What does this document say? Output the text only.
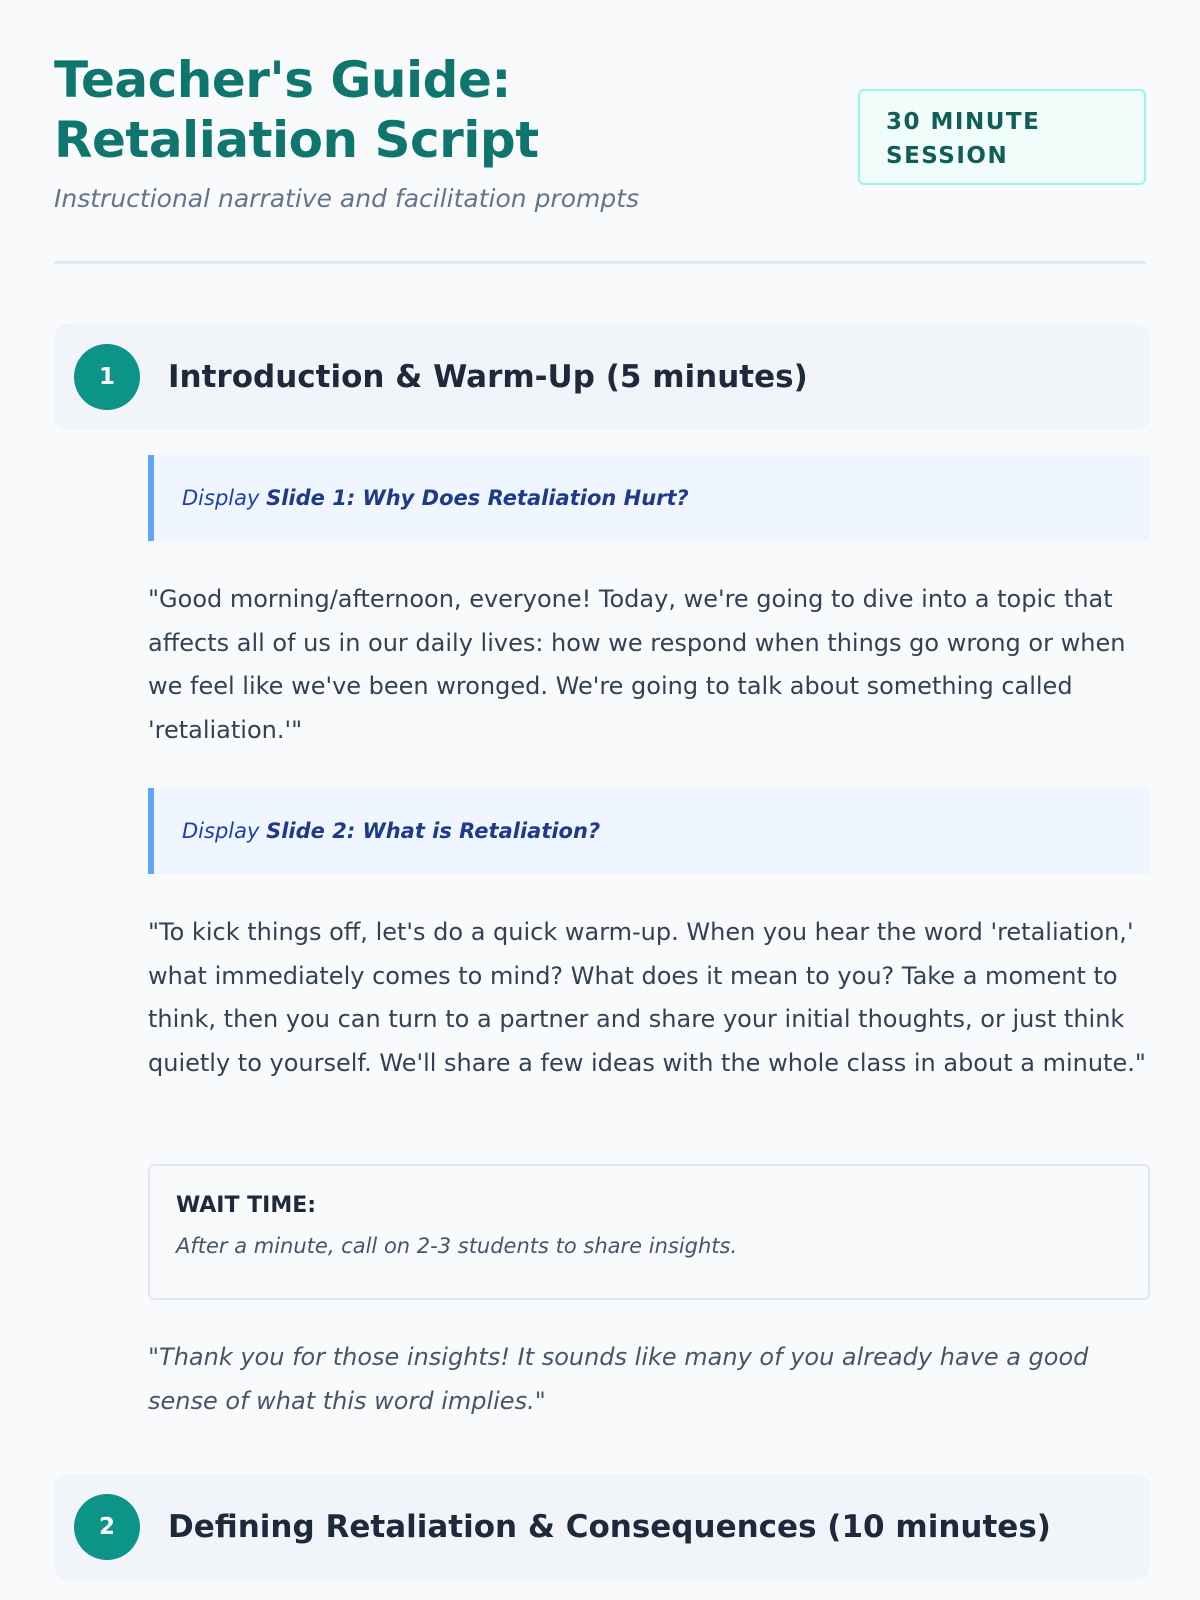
Teacher's Guide: Retaliation Script

Instructional narrative and facilitation prompts

30 MINUTE SESSION
1	Introduction & Warm-Up (5 minutes)
Display Slide 1: Why Does Retaliation Hurt?

"Good morning/afternoon, everyone! Today, we're going to dive into a topic that affects all of us in our daily lives: how we respond when things go wrong or when we feel like we've been wronged. We're going to talk about something called 'retaliation.'"

Display Slide 2: What is Retaliation?

"To kick things off, let's do a quick warm-up. When you hear the word 'retaliation,' what immediately comes to mind? What does it mean to you? Take a moment to think, then you can turn to a partner and share your initial thoughts, or just think quietly to yourself. We'll share a few ideas with the whole class in about a minute."

WAIT TIME:
After a minute, call on 2-3 students to share insights.

"Thank you for those insights! It sounds like many of you already have a good sense of what this word implies."

2	Defining Retaliation & Consequences (10 minutes)
